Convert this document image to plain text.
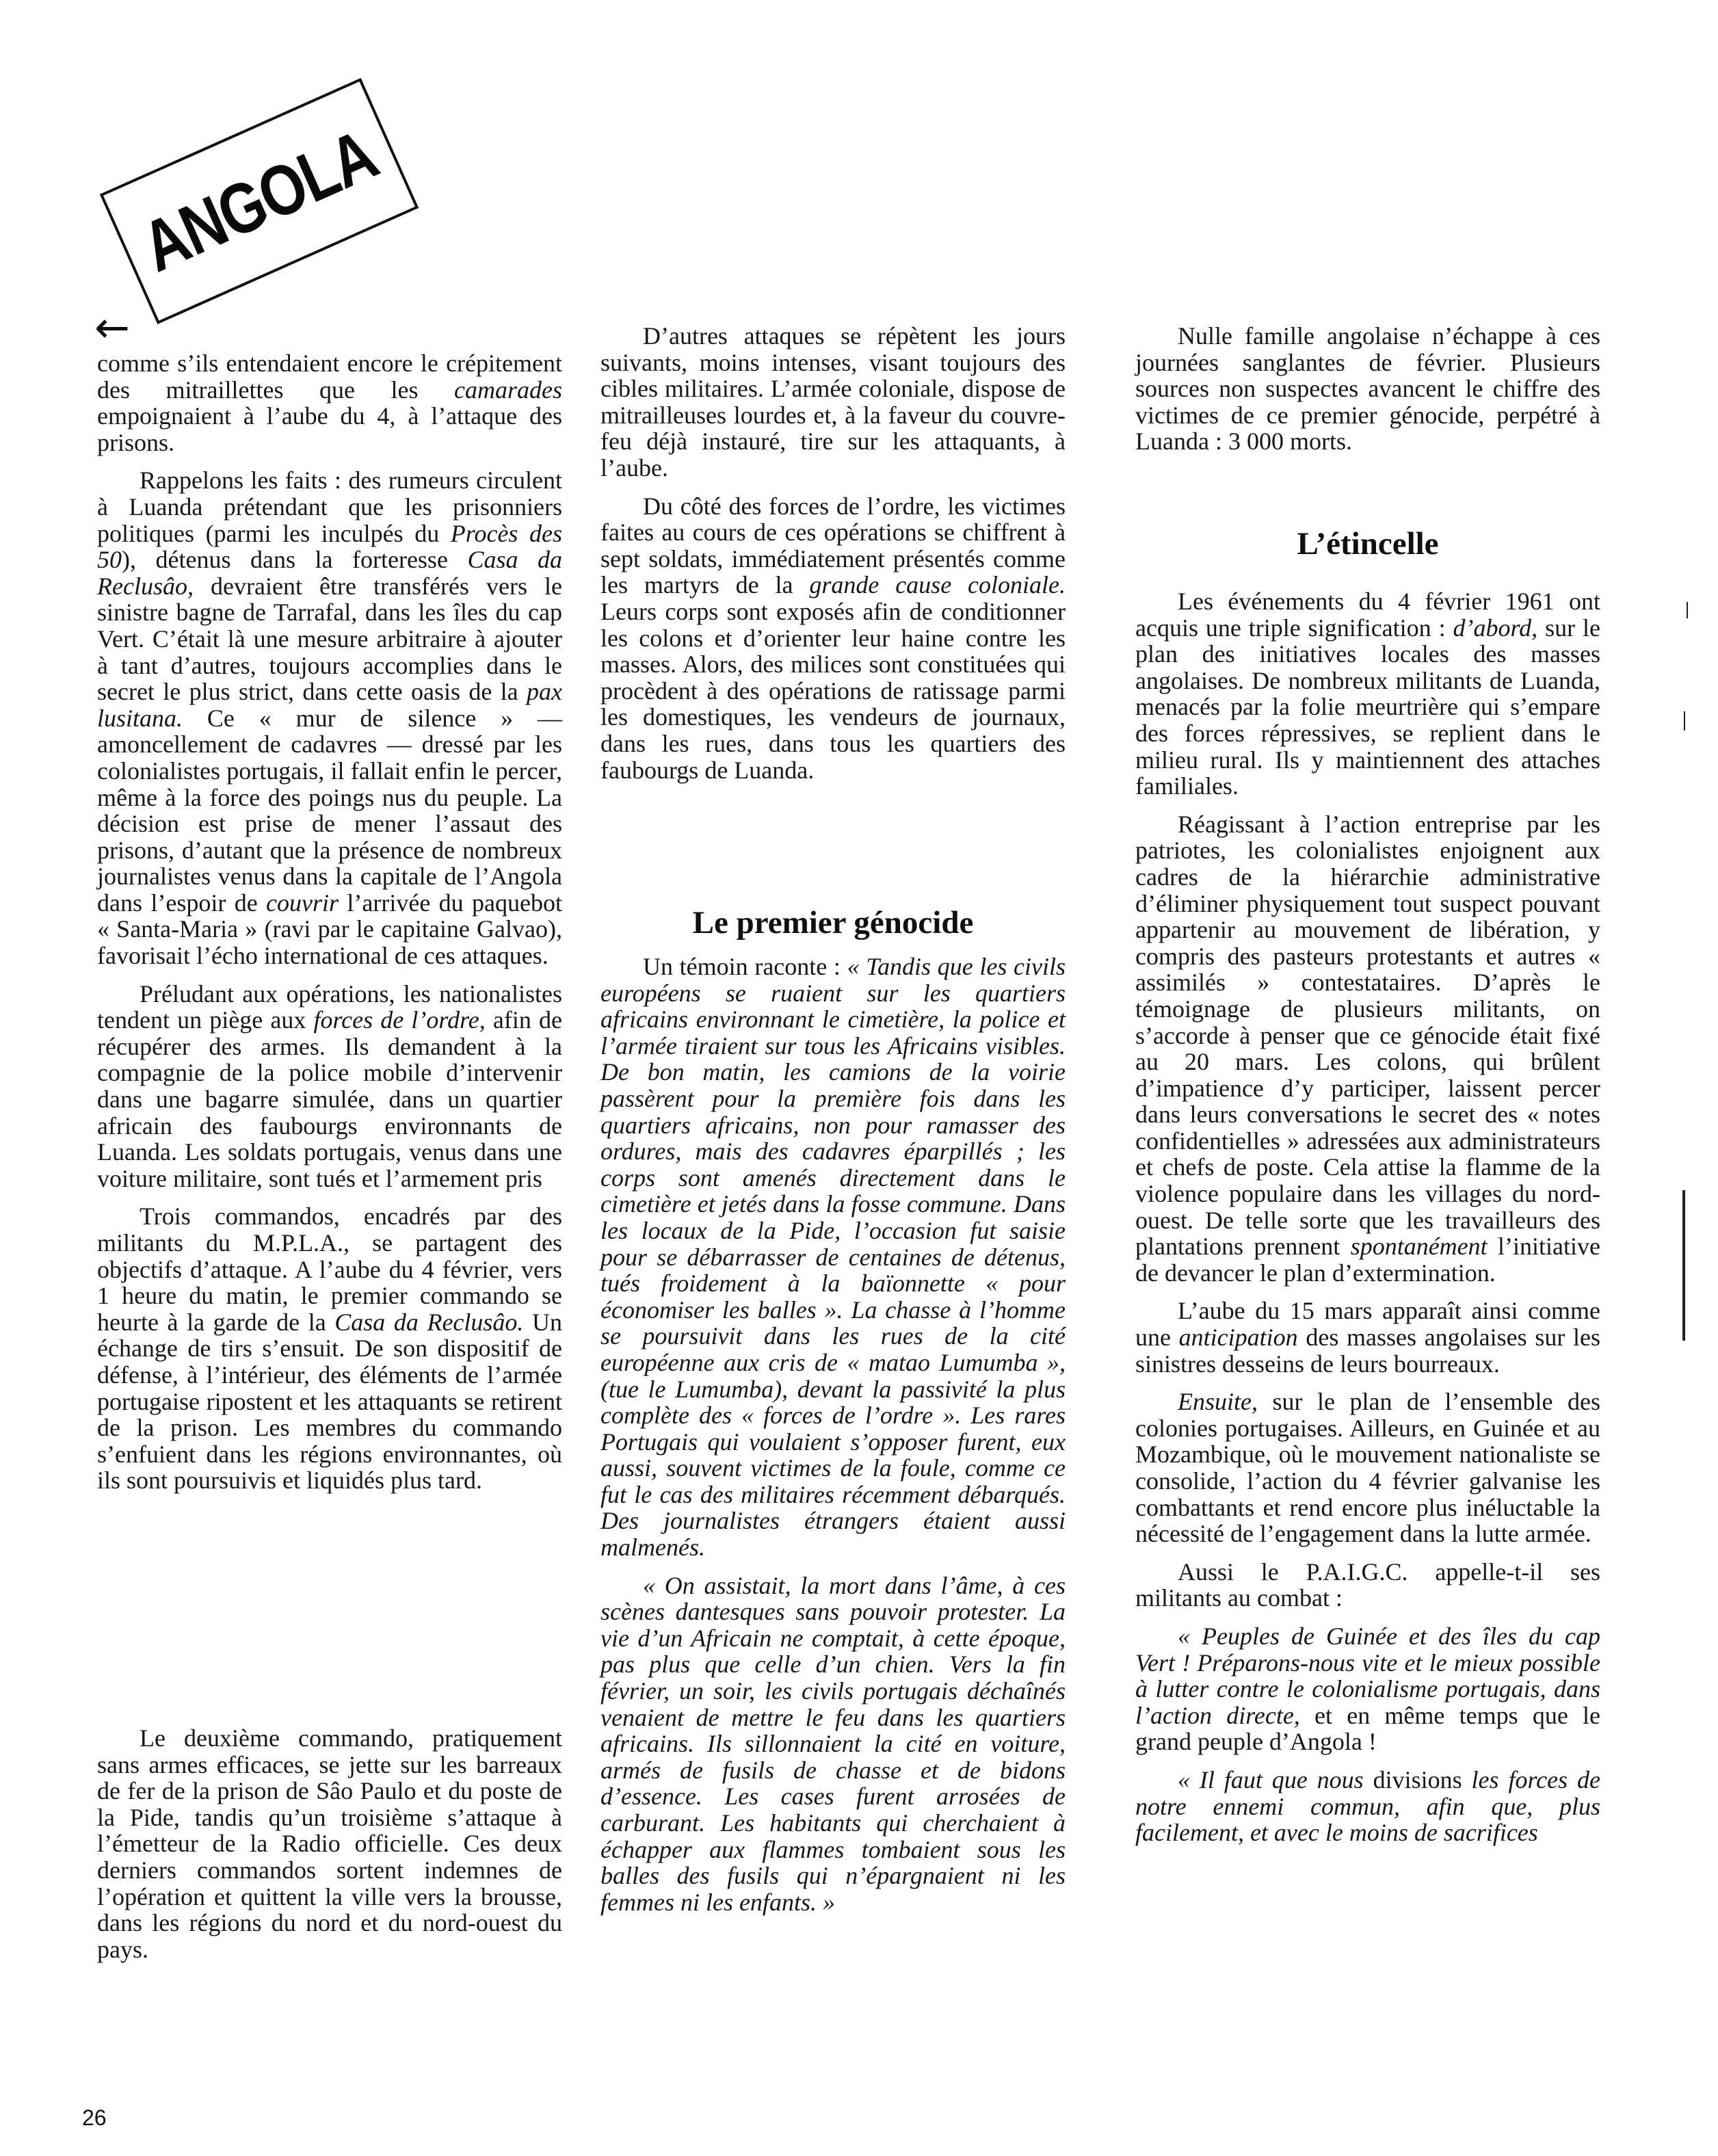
ANGOLA
←

comme s’ils entendaient encore le crépitement des mitraillettes que les camarades empoignaient à l’aube du 4, à l’attaque des prisons.

Rappelons les faits : des rumeurs circulent à Luanda prétendant que les prisonniers politiques (parmi les inculpés du Procès des 50), détenus dans la forteresse Casa da Reclusâo, devraient être transférés vers le sinistre bagne de Tarrafal, dans les îles du cap Vert. C’était là une mesure arbitraire à ajouter à tant d’autres, toujours accomplies dans le secret le plus strict, dans cette oasis de la pax lusitana. Ce « mur de silence » — amoncellement de cadavres — dressé par les colonialistes portugais, il fallait enfin le percer, même à la force des poings nus du peuple. La décision est prise de mener l’assaut des prisons, d’autant que la présence de nombreux journalistes venus dans la capitale de l’Angola dans l’espoir de couvrir l’arrivée du paquebot « Santa-Maria » (ravi par le capitaine Galvao), favorisait l’écho international de ces attaques.

Préludant aux opérations, les nationalistes tendent un piège aux forces de l’ordre, afin de récupérer des armes. Ils demandent à la compagnie de la police mobile d’intervenir dans une bagarre simulée, dans un quartier africain des faubourgs environnants de Luanda. Les soldats portugais, venus dans une voiture militaire, sont tués et l’armement pris

Trois commandos, encadrés par des militants du M.P.L.A., se partagent des objectifs d’attaque. A l’aube du 4 février, vers 1 heure du matin, le premier commando se heurte à la garde de la Casa da Reclusâo. Un échange de tirs s’ensuit. De son dispositif de défense, à l’intérieur, des éléments de l’armée portugaise ripostent et les attaquants se retirent de la prison. Les membres du commando s’enfuient dans les régions environnantes, où ils sont poursuivis et liquidés plus tard.

Le deuxième commando, pratiquement sans armes efficaces, se jette sur les barreaux de fer de la prison de Sâo Paulo et du poste de la Pide, tandis qu’un troisième s’attaque à l’émetteur de la Radio officielle. Ces deux derniers commandos sortent indemnes de l’opération et quittent la ville vers la brousse, dans les régions du nord et du nord-ouest du pays.

D’autres attaques se répètent les jours suivants, moins intenses, visant toujours des cibles militaires. L’armée coloniale, dispose de mitrailleuses lourdes et, à la faveur du couvre-feu déjà instauré, tire sur les attaquants, à l’aube.

Du côté des forces de l’ordre, les victimes faites au cours de ces opérations se chiffrent à sept soldats, immédiatement présentés comme les martyrs de la grande cause coloniale. Leurs corps sont exposés afin de conditionner les colons et d’orienter leur haine contre les masses. Alors, des milices sont constituées qui procèdent à des opérations de ratissage parmi les domestiques, les vendeurs de journaux, dans les rues, dans tous les quartiers des faubourgs de Luanda.

Le premier génocide

Un témoin raconte : « Tandis que les civils européens se ruaient sur les quartiers africains environnant le cimetière, la police et l’armée tiraient sur tous les Africains visibles. De bon matin, les camions de la voirie passèrent pour la première fois dans les quartiers africains, non pour ramasser des ordures, mais des cadavres éparpillés ; les corps sont amenés directement dans le cimetière et jetés dans la fosse commune. Dans les locaux de la Pide, l’occasion fut saisie pour se débarrasser de centaines de détenus, tués froidement à la baïonnette « pour économiser les balles ». La chasse à l’homme se poursuivit dans les rues de la cité européenne aux cris de « matao Lumumba », (tue le Lumumba), devant la passivité la plus complète des « forces de l’ordre ». Les rares Portugais qui voulaient s’opposer furent, eux aussi, souvent victimes de la foule, comme ce fut le cas des militaires récemment débarqués. Des journalistes étrangers étaient aussi malmenés.

« On assistait, la mort dans l’âme, à ces scènes dantesques sans pouvoir protester. La vie d’un Africain ne comptait, à cette époque, pas plus que celle d’un chien. Vers la fin février, un soir, les civils portugais déchaînés venaient de mettre le feu dans les quartiers africains. Ils sillonnaient la cité en voiture, armés de fusils de chasse et de bidons d’essence. Les cases furent arrosées de carburant. Les habitants qui cherchaient à échapper aux flammes tombaient sous les balles des fusils qui n’épargnaient ni les femmes ni les enfants. »

Nulle famille angolaise n’échappe à ces journées sanglantes de février. Plusieurs sources non suspectes avancent le chiffre des victimes de ce premier génocide, perpétré à Luanda : 3 000 morts.

L’étincelle

Les événements du 4 février 1961 ont acquis une triple signification : d’abord, sur le plan des initiatives locales des masses angolaises. De nombreux militants de Luanda, menacés par la folie meurtrière qui s’empare des forces répressives, se replient dans le milieu rural. Ils y maintiennent des attaches familiales.

Réagissant à l’action entreprise par les patriotes, les colonialistes enjoignent aux cadres de la hiérarchie administrative d’éliminer physiquement tout suspect pouvant appartenir au mouvement de libération, y compris des pasteurs protestants et autres « assimilés » contestataires. D’après le témoignage de plusieurs militants, on s’accorde à penser que ce génocide était fixé au 20 mars. Les colons, qui brûlent d’impatience d’y participer, laissent percer dans leurs conversations le secret des « notes confidentielles » adressées aux administrateurs et chefs de poste. Cela attise la flamme de la violence populaire dans les villages du nord-ouest. De telle sorte que les travailleurs des plantations prennent spontanément l’initiative de devancer le plan d’extermination.

L’aube du 15 mars apparaît ainsi comme une anticipation des masses angolaises sur les sinistres desseins de leurs bourreaux.

Ensuite, sur le plan de l’ensemble des colonies portugaises. Ailleurs, en Guinée et au Mozambique, où le mouvement nationaliste se consolide, l’action du 4 février galvanise les combattants et rend encore plus inéluctable la nécessité de l’engagement dans la lutte armée.

Aussi le P.A.I.G.C. appelle-t-il ses militants au combat :

« Peuples de Guinée et des îles du cap Vert ! Préparons-nous vite et le mieux possible à lutter contre le colonialisme portugais, dans l’action directe, et en même temps que le grand peuple d’Angola !

« Il faut que nous divisions les forces de notre ennemi commun, afin que, plus facilement, et avec le moins de sacrifices

26
